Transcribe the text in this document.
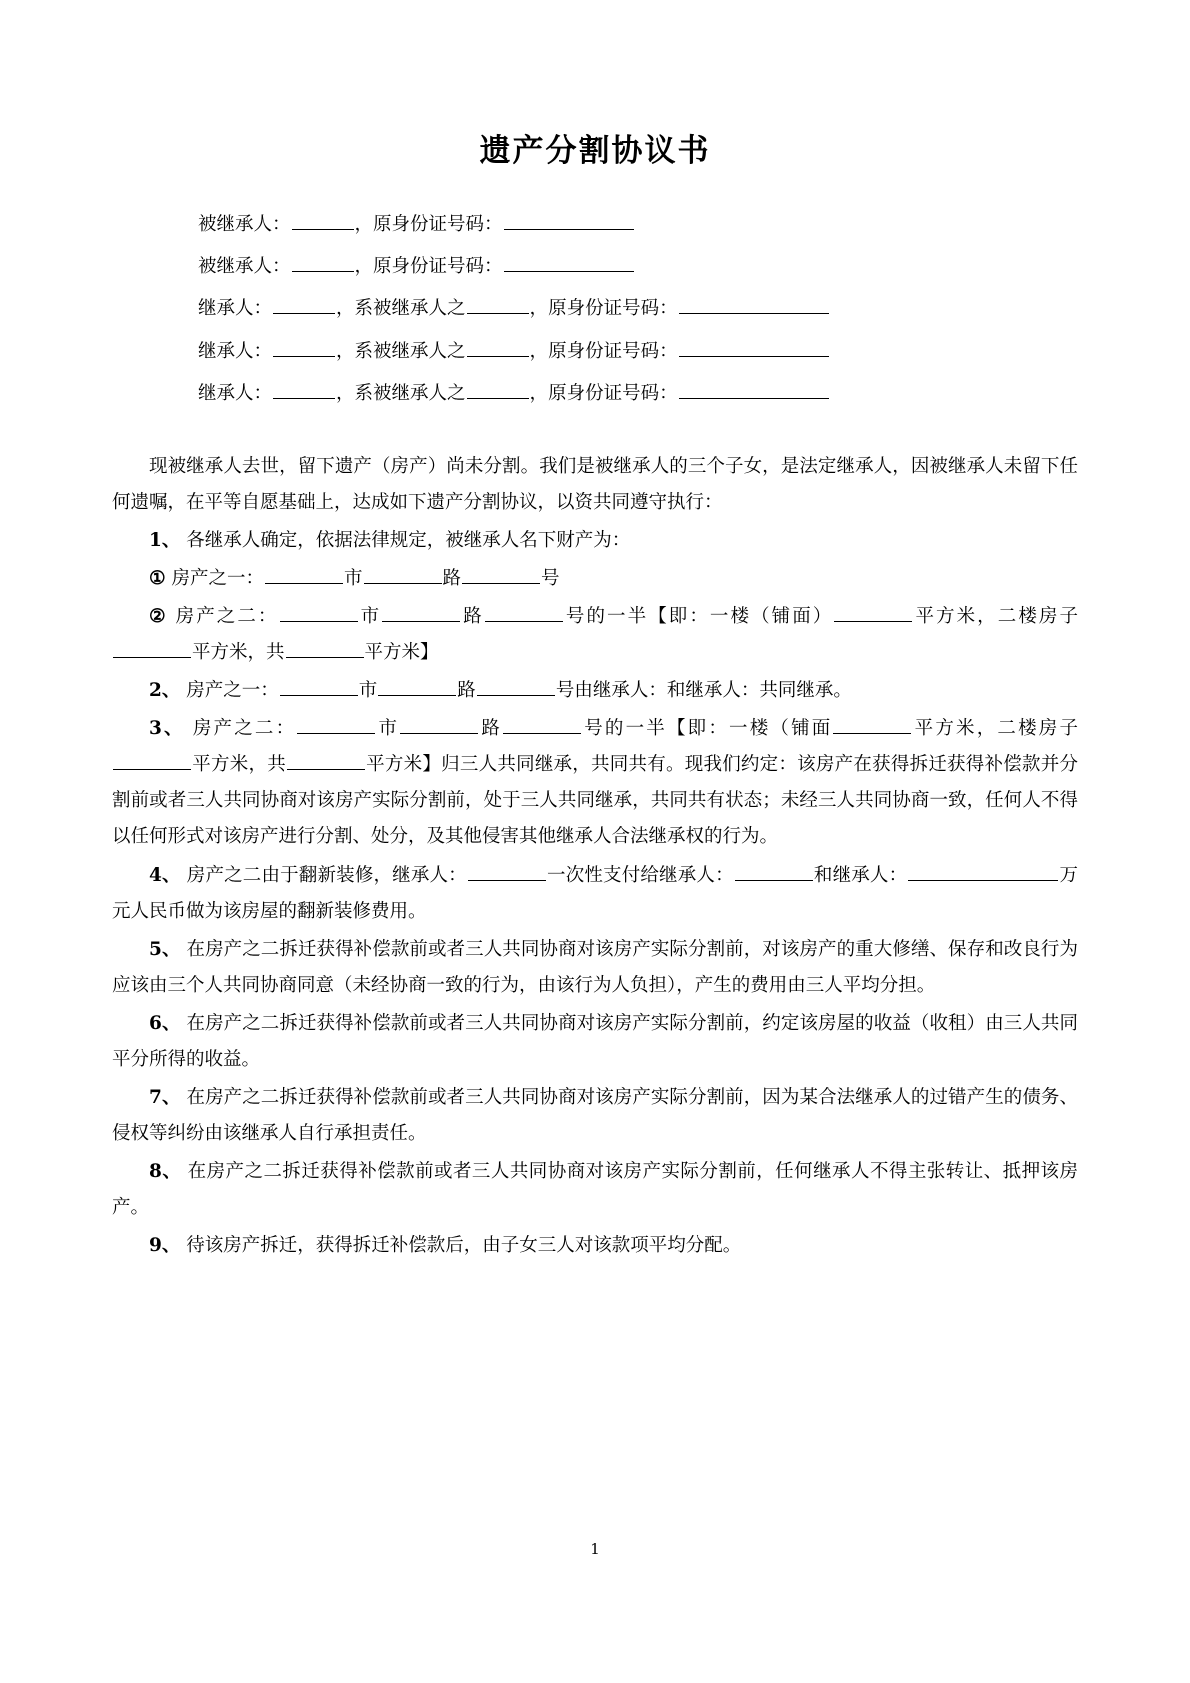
遗产分割协议书
被继承人：	，原身份证号码：
被继承人：	，原身份证号码：
继承人：	，系被继承人之	，原身份证号码：
继承人：	，系被继承人之	，原身份证号码：
继承人：	，系被继承人之	，原身份证号码：

现被继承人去世，留下遗产（房产）尚未分割。我们是被继承人的三个子女，是法定继承人，因被继承人未留下任何遗嘱，在平等自愿基础上，达成如下遗产分割协议，以资共同遵守执行：

1、 各继承人确定，依据法律规定，被继承人名下财产为：

① 房产之一：	市	路	号

② 房产之二：	市	路	号的一半【即：一楼（铺面）	平方米，二楼房子平方米，共	平方米】

2、 房产之一：	市	路	号由继承人：和继承人：共同继承。

3、 房产之二：	市	路	号的一半【即：一楼（铺面	平方米，二楼房子平方米，共	平方米】归三人共同继承，共同共有。现我们约定：该房产在获得拆迁获得补偿款并分割前或者三人共同协商对该房产实际分割前，处于三人共同继承，共同共有状态；未经三人共同协商一致，任何人不得以任何形式对该房产进行分割、处分，及其他侵害其他继承人合法继承权的行为。

4、 房产之二由于翻新装修，继承人：	一次性支付给继承人：	和继承人：	万元人民币做为该房屋的翻新装修费用。

5、 在房产之二拆迁获得补偿款前或者三人共同协商对该房产实际分割前，对该房产的重大修缮、保存和改良行为应该由三个人共同协商同意（未经协商一致的行为，由该行为人负担），产生的费用由三人平均分担。

6、 在房产之二拆迁获得补偿款前或者三人共同协商对该房产实际分割前，约定该房屋的收益（收租）由三人共同平分所得的收益。

7、 在房产之二拆迁获得补偿款前或者三人共同协商对该房产实际分割前，因为某合法继承人的过错产生的债务、侵权等纠纷由该继承人自行承担责任。

8、 在房产之二拆迁获得补偿款前或者三人共同协商对该房产实际分割前，任何继承人不得主张转让、抵押该房产。

9、 待该房产拆迁，获得拆迁补偿款后，由子女三人对该款项平均分配。

1
